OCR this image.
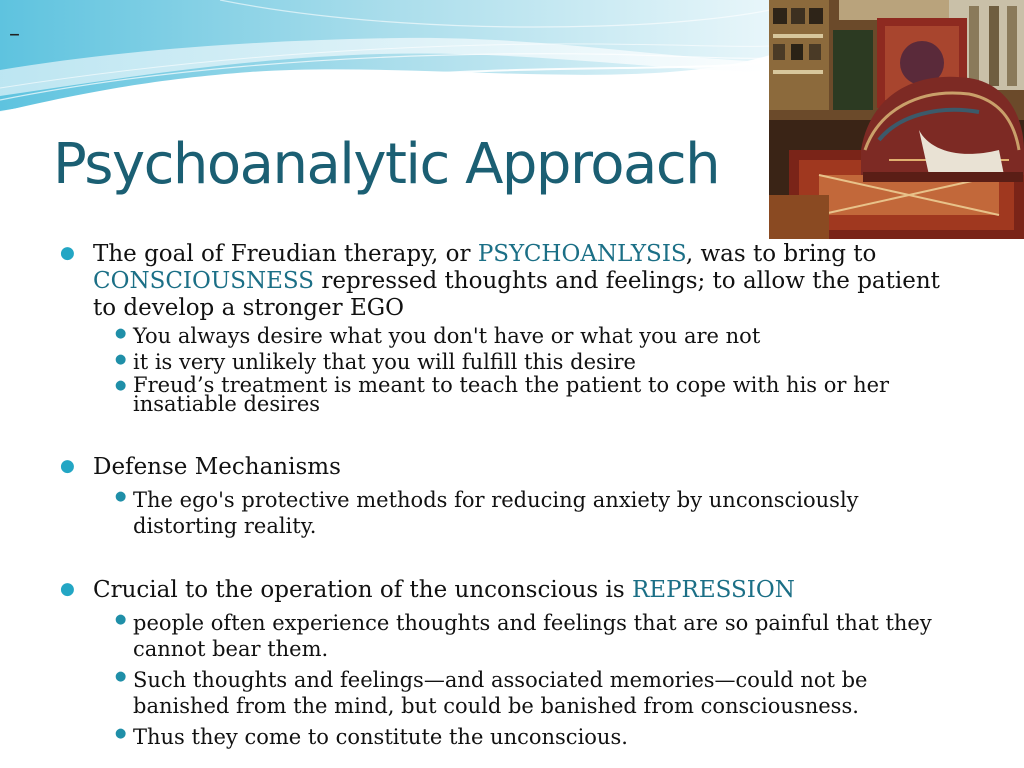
–
Psychoanalytic Approach
● The goal of Freudian therapy, or PSYCHOANLYSIS, was to bring to CONSCIOUSNESS repressed thoughts and feelings; to allow the patient to develop a stronger EGO
● You always desire what you don't have or what you are not
● it is very unlikely that you will fulfill this desire
● Freud’s treatment is meant to teach the patient to cope with his or her insatiable desires
● Defense Mechanisms
● The ego's protective methods for reducing anxiety by unconsciously distorting reality.
● Crucial to the operation of the unconscious is REPRESSION
● people often experience thoughts and feelings that are so painful that they cannot bear them.
● Such thoughts and feelings—and associated memories—could not be banished from the mind, but could be banished from consciousness.
● Thus they come to constitute the unconscious.
